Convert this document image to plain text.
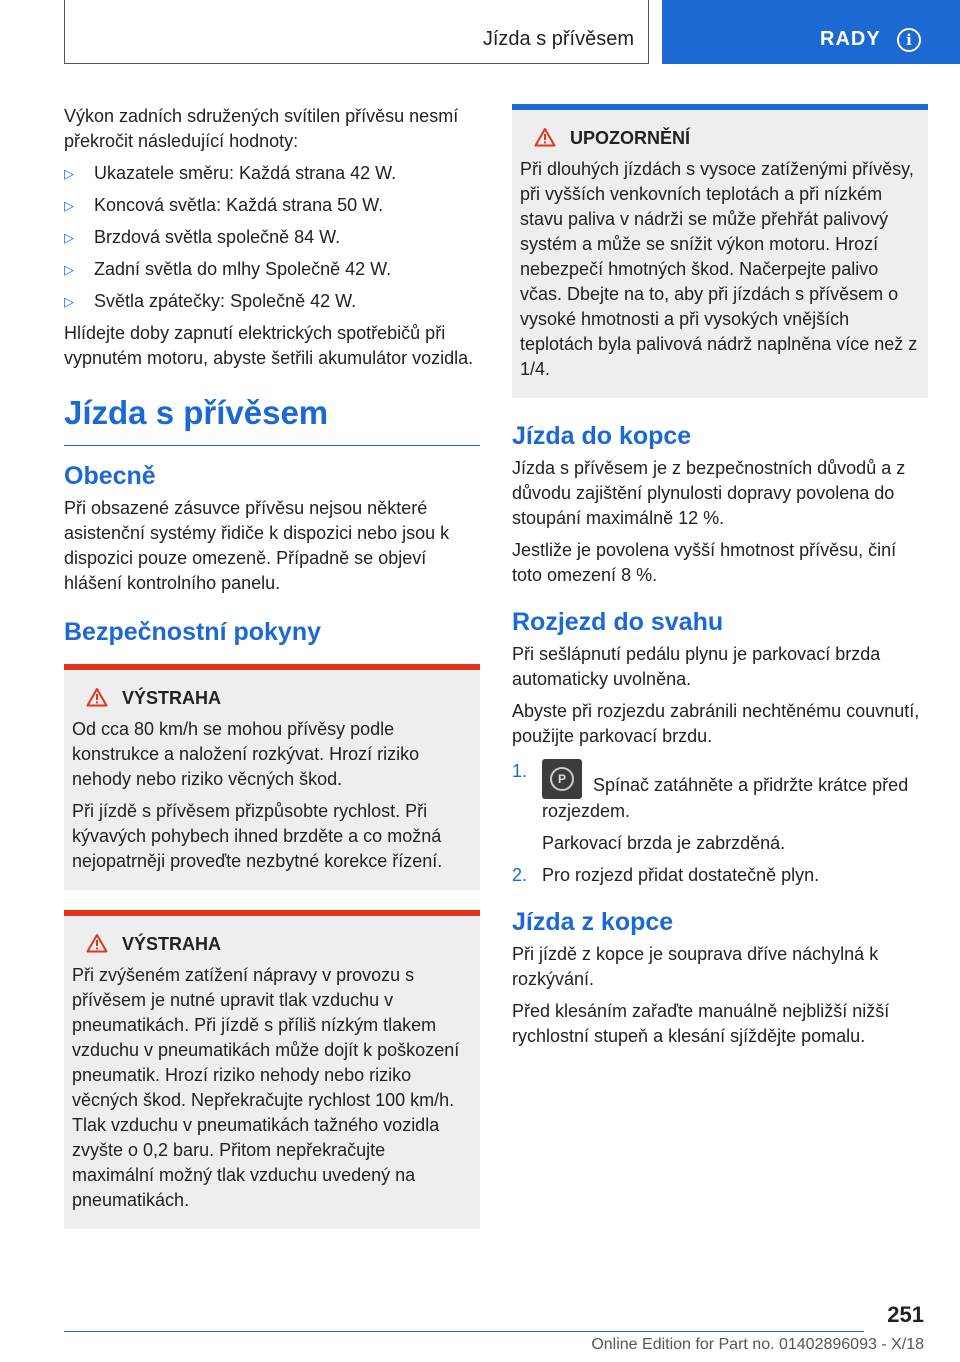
Jízda s přívěsem	RADY	i

Výkon zadních sdružených svítilen přívěsu nesmí překročit následující hodnoty:

▷ Ukazatele směru: Každá strana 42 W.
▷ Koncová světla: Každá strana 50 W.
▷ Brzdová světla společně 84 W.
▷ Zadní světla do mlhy Společně 42 W.
▷ Světla zpátečky: Společně 42 W.

Hlídejte doby zapnutí elektrických spotřebičů při vypnutém motoru, abyste šetřili akumulátor vozidla.

Jízda s přívěsem
Obecně

Při obsazené zásuvce přívěsu nejsou některé asistenční systémy řidiče k dispozici nebo jsou k dispozici pouze omezeně. Případně se objeví hlášení kontrolního panelu.

Bezpečnostní pokyny

VÝSTRAHA

Od cca 80 km/h se mohou přívěsy podle konstrukce a naložení rozkývat. Hrozí riziko nehody nebo riziko věcných škod.

Při jízdě s přívěsem přizpůsobte rychlost. Při kývavých pohybech ihned brzděte a co možná nejopatrněji proveďte nezbytné korekce řízení.

VÝSTRAHA

Při zvýšeném zatížení nápravy v provozu s přívěsem je nutné upravit tlak vzduchu v pneumatikách. Při jízdě s příliš nízkým tlakem vzduchu v pneumatikách může dojít k poškození pneumatik. Hrozí riziko nehody nebo riziko věcných škod. Nepřekračujte rychlost 100 km/h. Tlak vzduchu v pneumatikách tažného vozidla zvyšte o 0,2 baru. Přitom nepřekračujte maximální možný tlak vzduchu uvedený na pneumatikách.

UPOZORNĚNÍ

Při dlouhých jízdách s vysoce zatíženými přívěsy, při vyšších venkovních teplotách a při nízkém stavu paliva v nádrži se může přehřát palivový systém a může se snížit výkon motoru. Hrozí nebezpečí hmotných škod. Načerpejte palivo včas. Dbejte na to, aby při jízdách s přívěsem o vysoké hmotnosti a při vysokých vnějších teplotách byla palivová nádrž naplněna více než z 1/4.

Jízda do kopce

Jízda s přívěsem je z bezpečnostních důvodů a z důvodu zajištění plynulosti dopravy povolena do stoupání maximálně 12 %.

Jestliže je povolena vyšší hmotnost přívěsu, činí toto omezení 8 %.

Rozjezd do svahu

Při sešlápnutí pedálu plynu je parkovací brzda automaticky uvolněna.

Abyste při rozjezdu zabránili nechtěnému couvnutí, použijte parkovací brzdu.

1.	P	Spínač zatáhněte a přidržte krátce před rozjezdem.
Parkovací brzda je zabrzděná.
2. Pro rozjezd přidat dostatečně plyn.
Jízda z kopce

Při jízdě z kopce je souprava dříve náchylná k rozkývání.

Před klesáním zařaďte manuálně nejbližší nižší rychlostní stupeň a klesání sjíždějte pomalu.

251
Online Edition for Part no. 01402896093 - X/18
